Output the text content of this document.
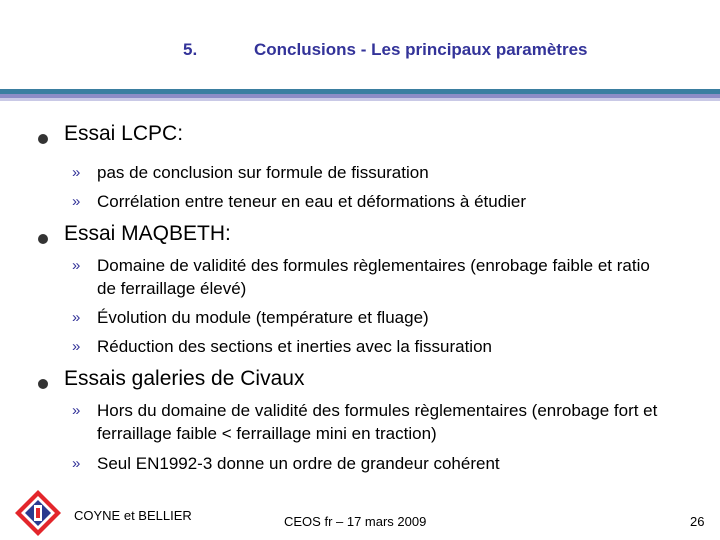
5.	Conclusions - Les principaux paramètres
Essai LCPC:
» pas de conclusion sur formule de fissuration
» Corrélation entre teneur en eau et déformations à étudier
Essai MAQBETH:
» Domaine de validité des formules règlementaires (enrobage faible et ratio de ferraillage élevé)
» Évolution du module (température et fluage)
» Réduction des sections et inerties avec la fissuration
Essais galeries de Civaux
» Hors du domaine de validité des formules règlementaires (enrobage fort et ferraillage faible < ferraillage mini en traction)
» Seul EN1992-3 donne un ordre de grandeur cohérent
COYNE et BELLIER	CEOS fr – 17 mars 2009	26
